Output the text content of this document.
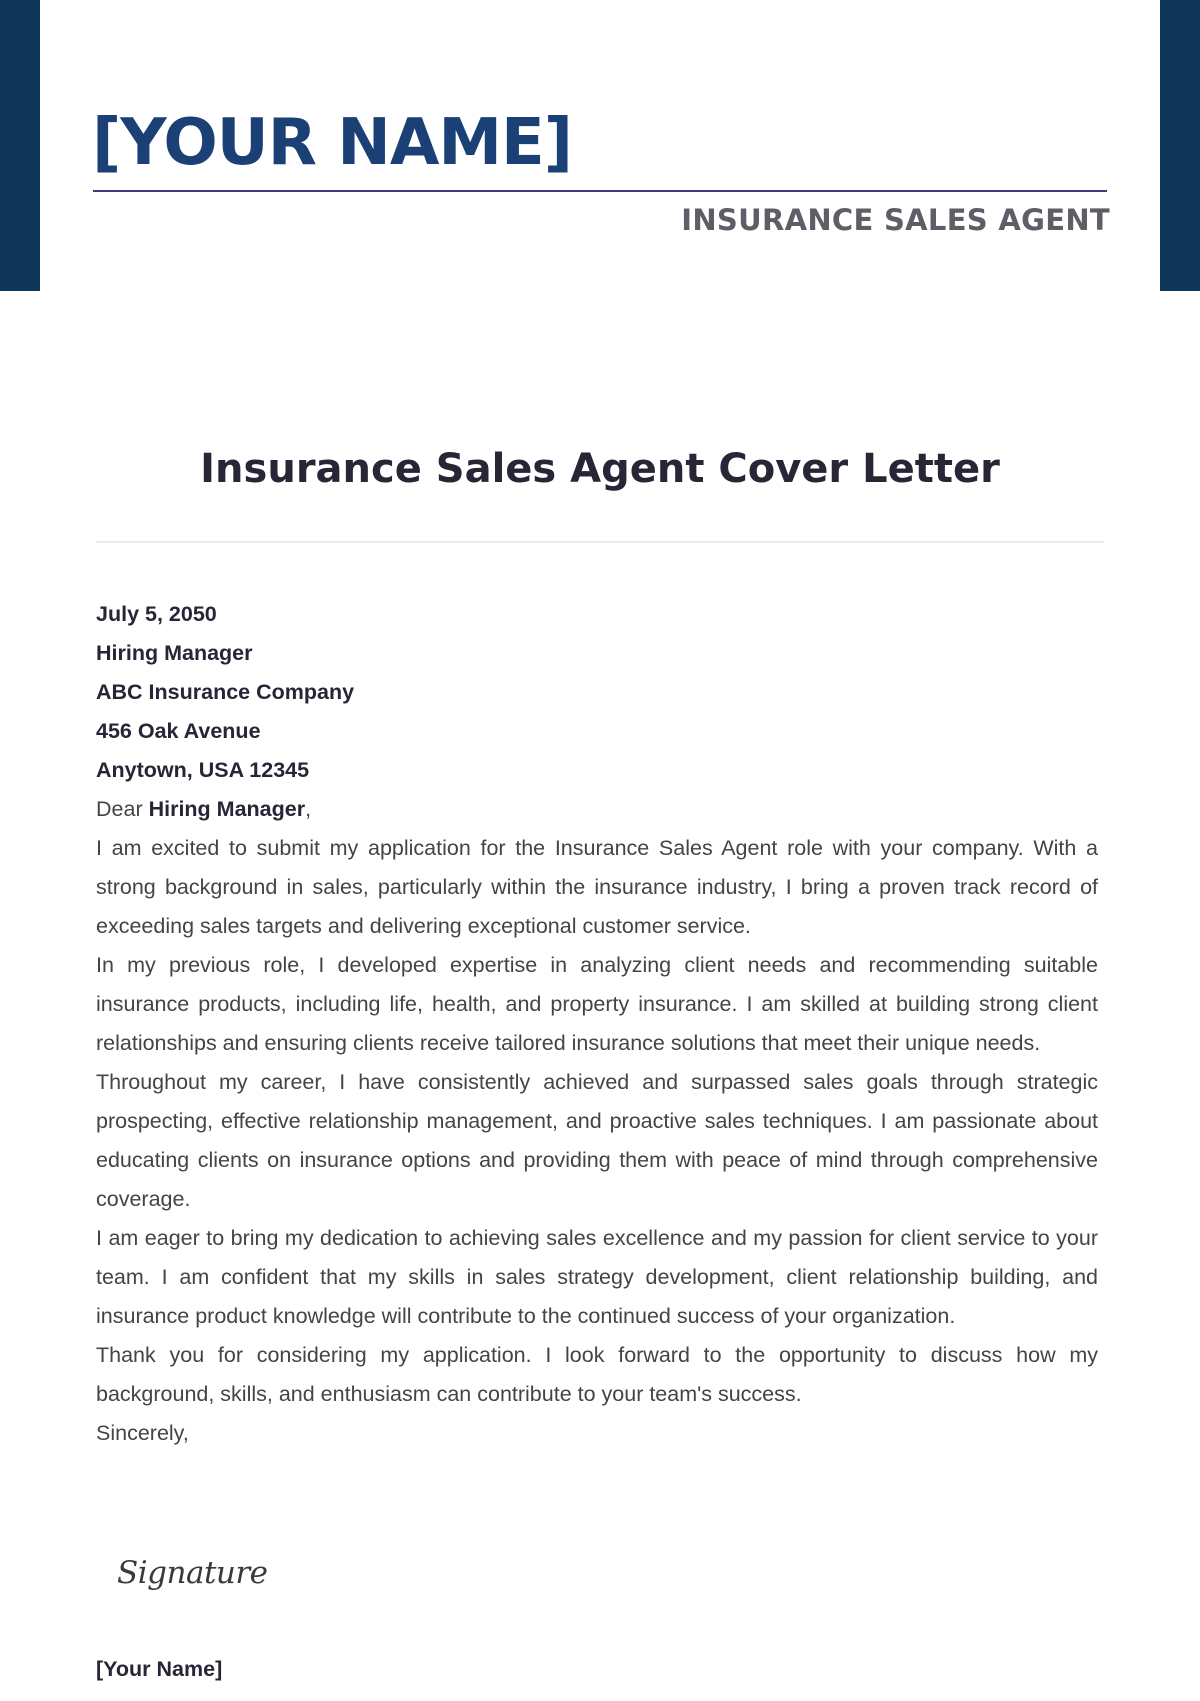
[YOUR NAME]
INSURANCE SALES AGENT
Insurance Sales Agent Cover Letter

July 5, 2050

Hiring Manager

ABC Insurance Company

456 Oak Avenue

Anytown, USA 12345

Dear Hiring Manager,

I am excited to submit my application for the Insurance Sales Agent role with your company. With a strong background in sales, particularly within the insurance industry, I bring a proven track record of exceeding sales targets and delivering exceptional customer service.

In my previous role, I developed expertise in analyzing client needs and recommending suitable insurance products, including life, health, and property insurance. I am skilled at building strong client relationships and ensuring clients receive tailored insurance solutions that meet their unique needs.

Throughout my career, I have consistently achieved and surpassed sales goals through strategic prospecting, effective relationship management, and proactive sales techniques. I am passionate about educating clients on insurance options and providing them with peace of mind through comprehensive coverage.

I am eager to bring my dedication to achieving sales excellence and my passion for client service to your team. I am confident that my skills in sales strategy development, client relationship building, and insurance product knowledge will contribute to the continued success of your organization.

Thank you for considering my application. I look forward to the opportunity to discuss how my background, skills, and enthusiasm can contribute to your team's success.

Sincerely,

Signature

[Your Name]
